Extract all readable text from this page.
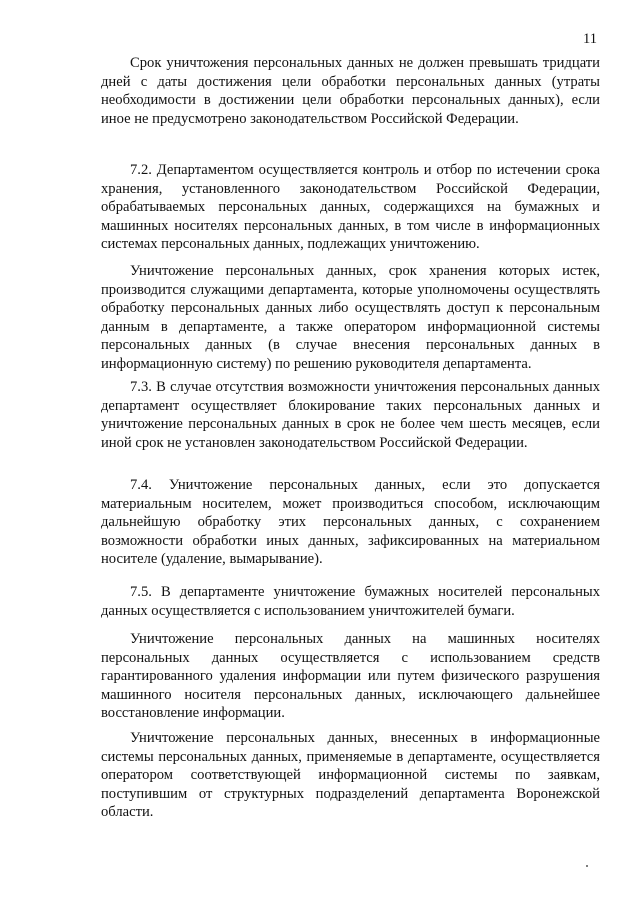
11

Срок уничтожения персональных данных не должен превышать тридцати дней с даты достижения цели обработки персональных данных (утраты необходимости в достижении цели обработки персональных данных), если иное не предусмотрено законодательством Российской Федерации.

7.2. Департаментом осуществляется контроль и отбор по истечении срока хранения, установленного законодательством Российской Федерации, обрабатываемых персональных данных, содержащихся на бумажных и машинных носителях персональных данных, в том числе в информационных системах персональных данных, подлежащих уничтожению.

Уничтожение персональных данных, срок хранения которых истек, производится служащими департамента, которые уполномочены осуществлять обработку персональных данных либо осуществлять доступ к персональным данным в департаменте, а также оператором информационной системы персональных данных (в случае внесения персональных данных в информационную систему) по решению руководителя департамента.

7.3. В случае отсутствия возможности уничтожения персональных данных департамент осуществляет блокирование таких персональных данных и уничтожение персональных данных в срок не более чем шесть месяцев, если иной срок не установлен законодательством Российской Федерации.

7.4. Уничтожение персональных данных, если это допускается материальным носителем, может производиться способом, исключающим дальнейшую обработку этих персональных данных, с сохранением возможности обработки иных данных, зафиксированных на материальном носителе (удаление, вымарывание).

7.5. В департаменте уничтожение бумажных носителей персональных данных осуществляется с использованием уничтожителей бумаги.

Уничтожение персональных данных на машинных носителях персональных данных осуществляется с использованием средств гарантированного удаления информации или путем физического разрушения машинного носителя персональных данных, исключающего дальнейшее восстановление информации.

Уничтожение персональных данных, внесенных в информационные системы персональных данных, применяемые в департаменте, осуществляется оператором соответствующей информационной системы по заявкам, поступившим от структурных подразделений департамента Воронежской области.
